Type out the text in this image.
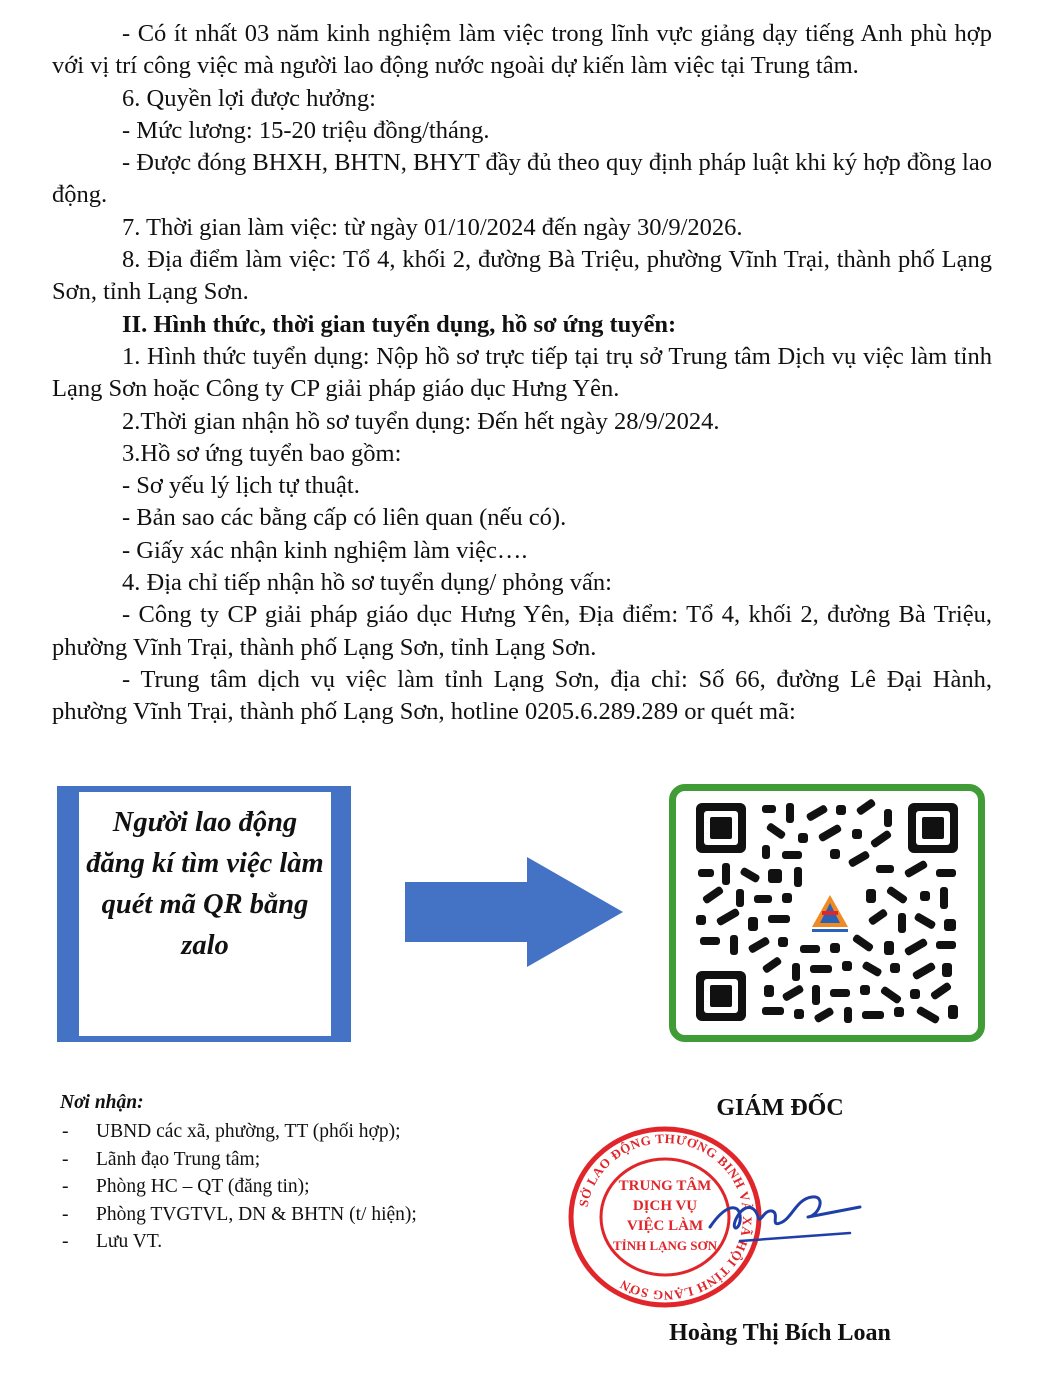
- Có ít nhất 03 năm kinh nghiệm làm việc trong lĩnh vực giảng dạy tiếng Anh phù hợp với vị trí công việc mà người lao động nước ngoài dự kiến làm việc tại Trung tâm.

6. Quyền lợi được hưởng:

- Mức lương: 15-20 triệu đồng/tháng.

- Được đóng BHXH, BHTN, BHYT đầy đủ theo quy định pháp luật khi ký hợp đồng lao động.

7. Thời gian làm việc: từ ngày 01/10/2024 đến ngày 30/9/2026.

8. Địa điểm làm việc: Tổ 4, khối 2, đường Bà Triệu, phường Vĩnh Trại, thành phố Lạng Sơn, tỉnh Lạng Sơn.

II. Hình thức, thời gian tuyển dụng, hồ sơ ứng tuyển:

1. Hình thức tuyển dụng: Nộp hồ sơ trực tiếp tại trụ sở Trung tâm Dịch vụ việc làm tỉnh Lạng Sơn hoặc Công ty CP giải pháp giáo dục Hưng Yên.

2.Thời gian nhận hồ sơ tuyển dụng: Đến hết ngày 28/9/2024.

3.Hồ sơ ứng tuyển bao gồm:

- Sơ yếu lý lịch tự thuật.

- Bản sao các bằng cấp có liên quan (nếu có).

- Giấy xác nhận kinh nghiệm làm việc….

4. Địa chỉ tiếp nhận hồ sơ tuyển dụng/ phỏng vấn:

- Công ty CP giải pháp giáo dục Hưng Yên, Địa điểm: Tổ 4, khối 2, đường Bà Triệu, phường Vĩnh Trại, thành phố Lạng Sơn, tỉnh Lạng Sơn.

- Trung tâm dịch vụ việc làm tỉnh Lạng Sơn, địa chỉ: Số 66, đường Lê Đại Hành, phường Vĩnh Trại, thành phố Lạng Sơn, hotline 0205.6.289.289 or quét mã:

Người lao động đăng kí tìm việc làm quét mã QR bằng zalo
Nơi nhận:
- UBND các xã, phường, TT (phối hợp);
- Lãnh đạo Trung tâm;
- Phòng HC – QT (đăng tin);
- Phòng TVGTVL, DN & BHTN (t/ hiện);
- Lưu VT.
GIÁM ĐỐC
SỞ LAO ĐỘNG THƯƠNG BINH VÀ XÃ HỘI TỈNH LẠNG SƠN
TRUNG TÂM
DỊCH VỤ
VIỆC LÀM
TỈNH LẠNG SƠN
Hoàng Thị Bích Loan
